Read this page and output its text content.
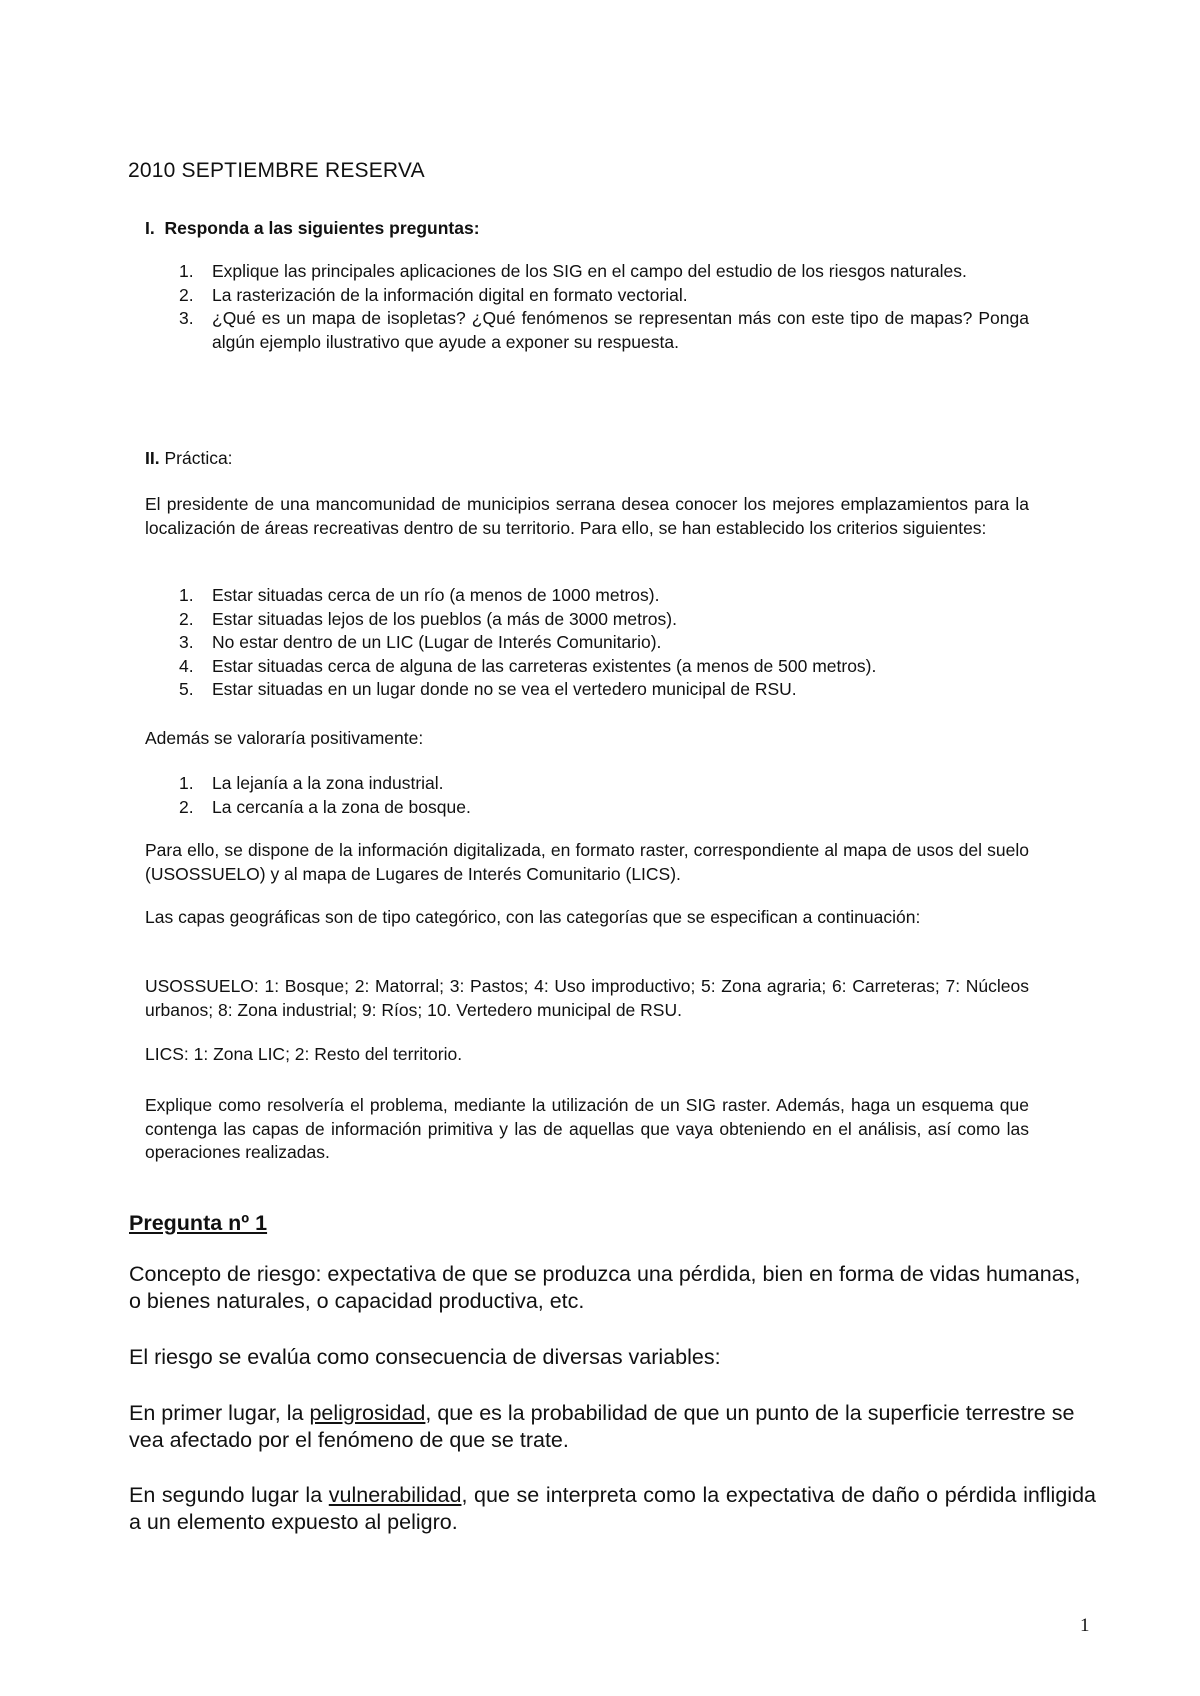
2010 SEPTIEMBRE RESERVA

I. Responda a las siguientes preguntas:

1. Explique las principales aplicaciones de los SIG en el campo del estudio de los riesgos naturales.
2. La rasterización de la información digital en formato vectorial.
3. ¿Qué es un mapa de isopletas? ¿Qué fenómenos se representan más con este tipo de mapas? Ponga algún ejemplo ilustrativo que ayude a exponer su respuesta.

II. Práctica:

El presidente de una mancomunidad de municipios serrana desea conocer los mejores emplazamientos para la localización de áreas recreativas dentro de su territorio. Para ello, se han establecido los criterios siguientes:

1. Estar situadas cerca de un río (a menos de 1000 metros).
2. Estar situadas lejos de los pueblos (a más de 3000 metros).
3. No estar dentro de un LIC (Lugar de Interés Comunitario).
4. Estar situadas cerca de alguna de las carreteras existentes (a menos de 500 metros).
5. Estar situadas en un lugar donde no se vea el vertedero municipal de RSU.

Además se valoraría positivamente:

1. La lejanía a la zona industrial.
2. La cercanía a la zona de bosque.

Para ello, se dispone de la información digitalizada, en formato raster, correspondiente al mapa de usos del suelo (USOSSUELO) y al mapa de Lugares de Interés Comunitario (LICS).

Las capas geográficas son de tipo categórico, con las categorías que se especifican a continuación:

USOSSUELO: 1: Bosque; 2: Matorral; 3: Pastos; 4: Uso improductivo; 5: Zona agraria; 6: Carreteras; 7: Núcleos urbanos; 8: Zona industrial; 9: Ríos; 10. Vertedero municipal de RSU.

LICS: 1: Zona LIC; 2: Resto del territorio.

Explique como resolvería el problema, mediante la utilización de un SIG raster. Además, haga un esquema que contenga las capas de información primitiva y las de aquellas que vaya obteniendo en el análisis, así como las operaciones realizadas.

Pregunta nº 1

Concepto de riesgo: expectativa de que se produzca una pérdida, bien en forma de vidas humanas, o bienes naturales, o capacidad productiva, etc.

El riesgo se evalúa como consecuencia de diversas variables:

En primer lugar, la peligrosidad, que es la probabilidad de que un punto de la superficie terrestre se vea afectado por el fenómeno de que se trate.

En segundo lugar la vulnerabilidad, que se interpreta como la expectativa de daño o pérdida infligida a un elemento expuesto al peligro.

1
